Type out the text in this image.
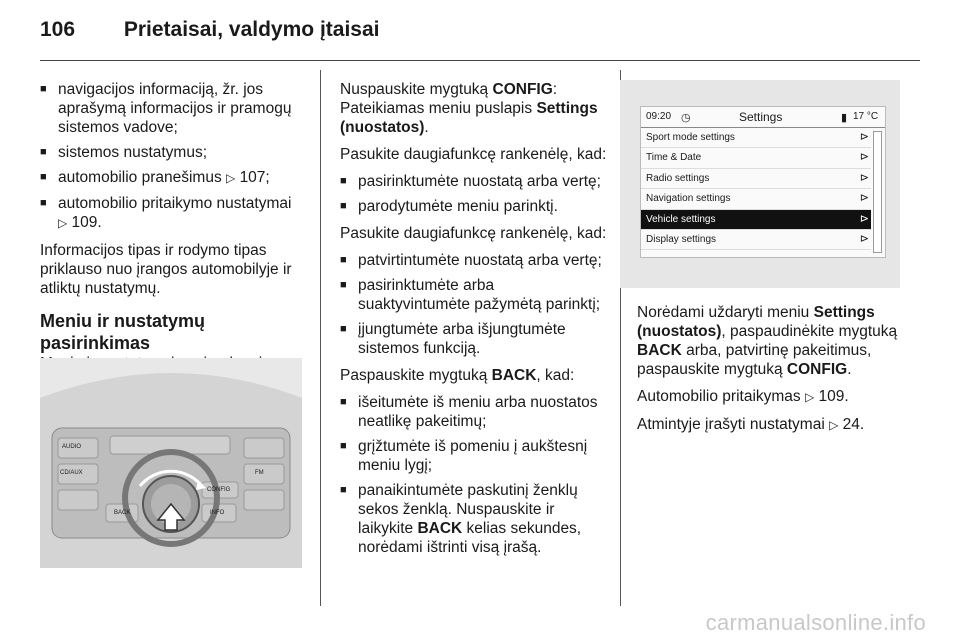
106 Prietaisai, valdymo įtaisai
■ navigacijos informaciją, žr. jos aprašymą informacijos ir pramogų sistemos vadove;
■ sistemos nustatymus;
■ automobilio pranešimus ▷ 107;
■ automobilio pritaikymo nustatymai
▷ 109.

Informacijos tipas ir rodymo tipas priklauso nuo įrangos automobilyje ir atliktų nustatymų.

Meniu ir nustatymų pasirinkimas

AUDIO
CD/AUX
CONFIG
BACK	INFO
FM

Nuspauskite mygtuką CONFIG:
Pateikiamas meniu puslapis Settings (nuostatos).

Pasukite daugiafunkcę rankenėlę, kad:

■ pasirinktumėte nuostatą arba vertę;
■ parodytumėte meniu parinktį.

Pasukite daugiafunkcę rankenėlę, kad:

■ patvirtintumėte nuostatą arba vertę;
■ pasirinktumėte arba suaktyvintumėte pažymėtą parinktį;
■ įjungtumėte arba išjungtumėte sistemos funkciją.

Paspauskite mygtuką BACK, kad:

■ išeitumėte iš meniu arba nuostatos neatlikę pakeitimų;
■ grįžtumėte iš pomeniu į aukštesnį meniu lygį;
■ panaikintumėte paskutinį ženklų sekos ženklą. Nuspauskite ir laikykite BACK kelias sekundes, norėdami ištrinti visą įrašą.
09:20 ◷	Settings	▮ 17 °C
Sport mode settings	⊳
Time & Date	⊳
Radio settings	⊳
Navigation settings	⊳
Vehicle settings	⊳
Display settings	⊳

Norėdami uždaryti meniu Settings (nuostatos), paspaudinėkite mygtuką BACK arba, patvirtinę pakeitimus, paspauskite mygtuką CONFIG.

Automobilio pritaikymas ▷ 109.

Atmintyje įrašyti nustatymai ▷ 24.

carmanualsonline.info
